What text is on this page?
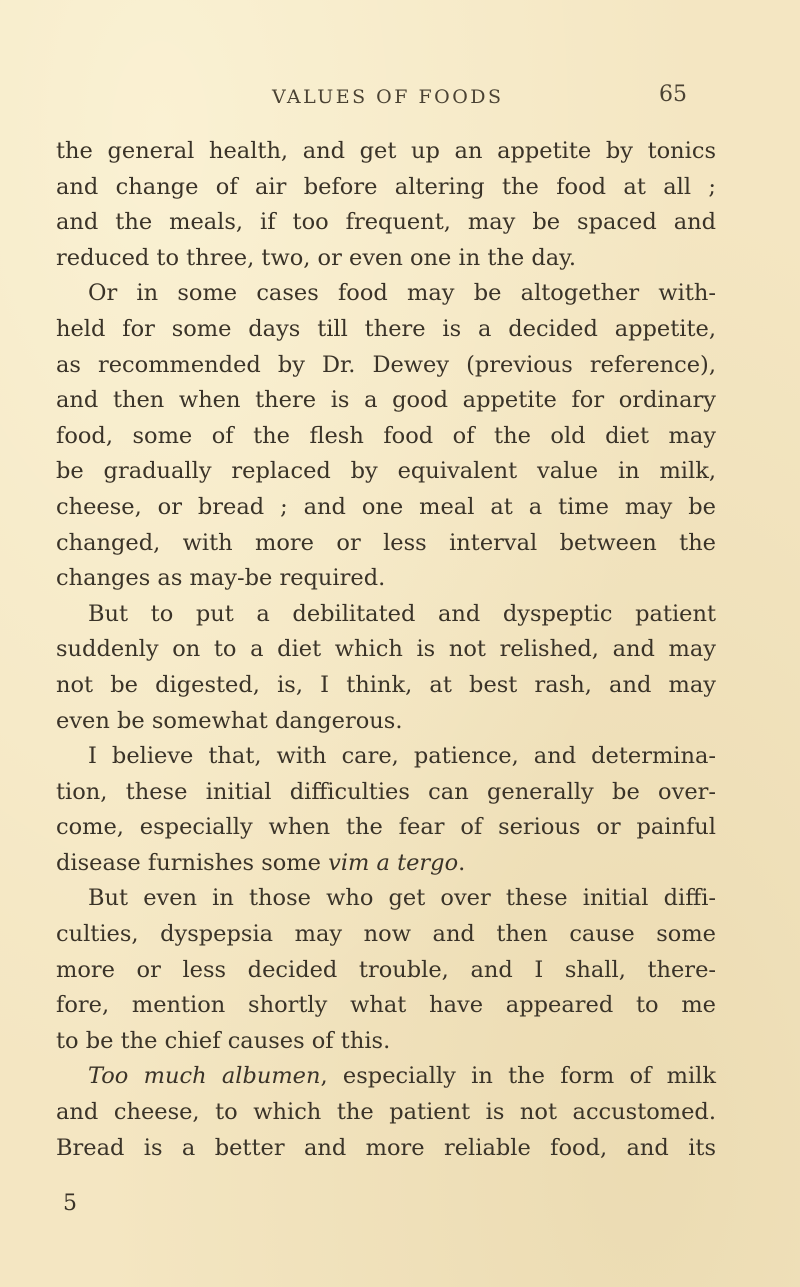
VALUES OF FOODS	65
the general health, and get up an appetite by tonics
and change of air before altering the food at all ;
and the meals, if too frequent, may be spaced and
reduced to three, two, or even one in the day.
Or in some cases food may be altogether with-
held for some days till there is a decided appetite,
as recommended by Dr. Dewey (previous reference),
and then when there is a good appetite for ordinary
food, some of the flesh food of the old diet may
be gradually replaced by equivalent value in milk,
cheese, or bread ; and one meal at a time may be
changed, with more or less interval between the
changes as may-be required.
But to put a debilitated and dyspeptic patient
suddenly on to a diet which is not relished, and may
not be digested, is, I think, at best rash, and may
even be somewhat dangerous.
I believe that, with care, patience, and determina-
tion, these initial difficulties can generally be over-
come, especially when the fear of serious or painful
disease furnishes some vim a tergo.
But even in those who get over these initial diffi-
culties, dyspepsia may now and then cause some
more or less decided trouble, and I shall, there-
fore, mention shortly what have appeared to me
to be the chief causes of this.
Too much albumen, especially in the form of milk
and cheese, to which the patient is not accustomed.
Bread is a better and more reliable food, and its
5
